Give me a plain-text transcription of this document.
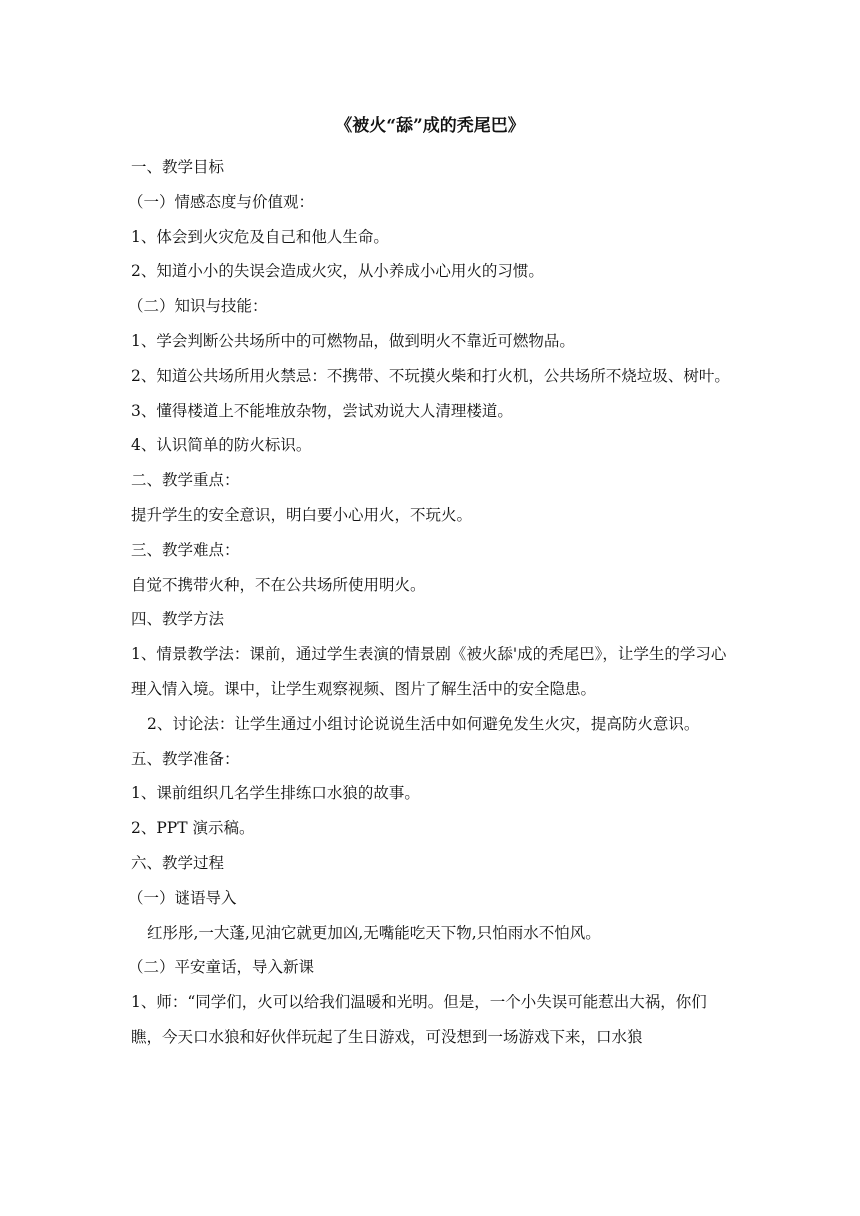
《被火“舔”成的秃尾巴》

一、教学目标

（一）情感态度与价值观：

1、体会到火灾危及自己和他人生命。

2、知道小小的失误会造成火灾，从小养成小心用火的习惯。

（二）知识与技能：

1、学会判断公共场所中的可燃物品，做到明火不靠近可燃物品。

2、知道公共场所用火禁忌：不携带、不玩摸火柴和打火机，公共场所不烧垃圾、树叶。

3、懂得楼道上不能堆放杂物，尝试劝说大人清理楼道。

4、认识简单的防火标识。

二、教学重点：

提升学生的安全意识，明白要小心用火，不玩火。

三、教学难点：

自觉不携带火种，不在公共场所使用明火。

四、教学方法

1、情景教学法：课前，通过学生表演的情景剧《被火舔'成的秃尾巴》，让学生的学习心理入情入境。课中，让学生观察视频、图片了解生活中的安全隐患。

2、讨论法：让学生通过小组讨论说说生活中如何避免发生火灾，提高防火意识。

五、教学准备：

1、课前组织几名学生排练口水狼的故事。

2、PPT 演示稿。

六、教学过程

（一）谜语导入

红彤彤,一大蓬,见油它就更加凶,无嘴能吃天下物,只怕雨水不怕风。

（二）平安童话，导入新课

1、师：“同学们，火可以给我们温暖和光明。但是，一个小失误可能惹出大祸，你们瞧，今天口水狼和好伙伴玩起了生日游戏，可没想到一场游戏下来，口水狼
